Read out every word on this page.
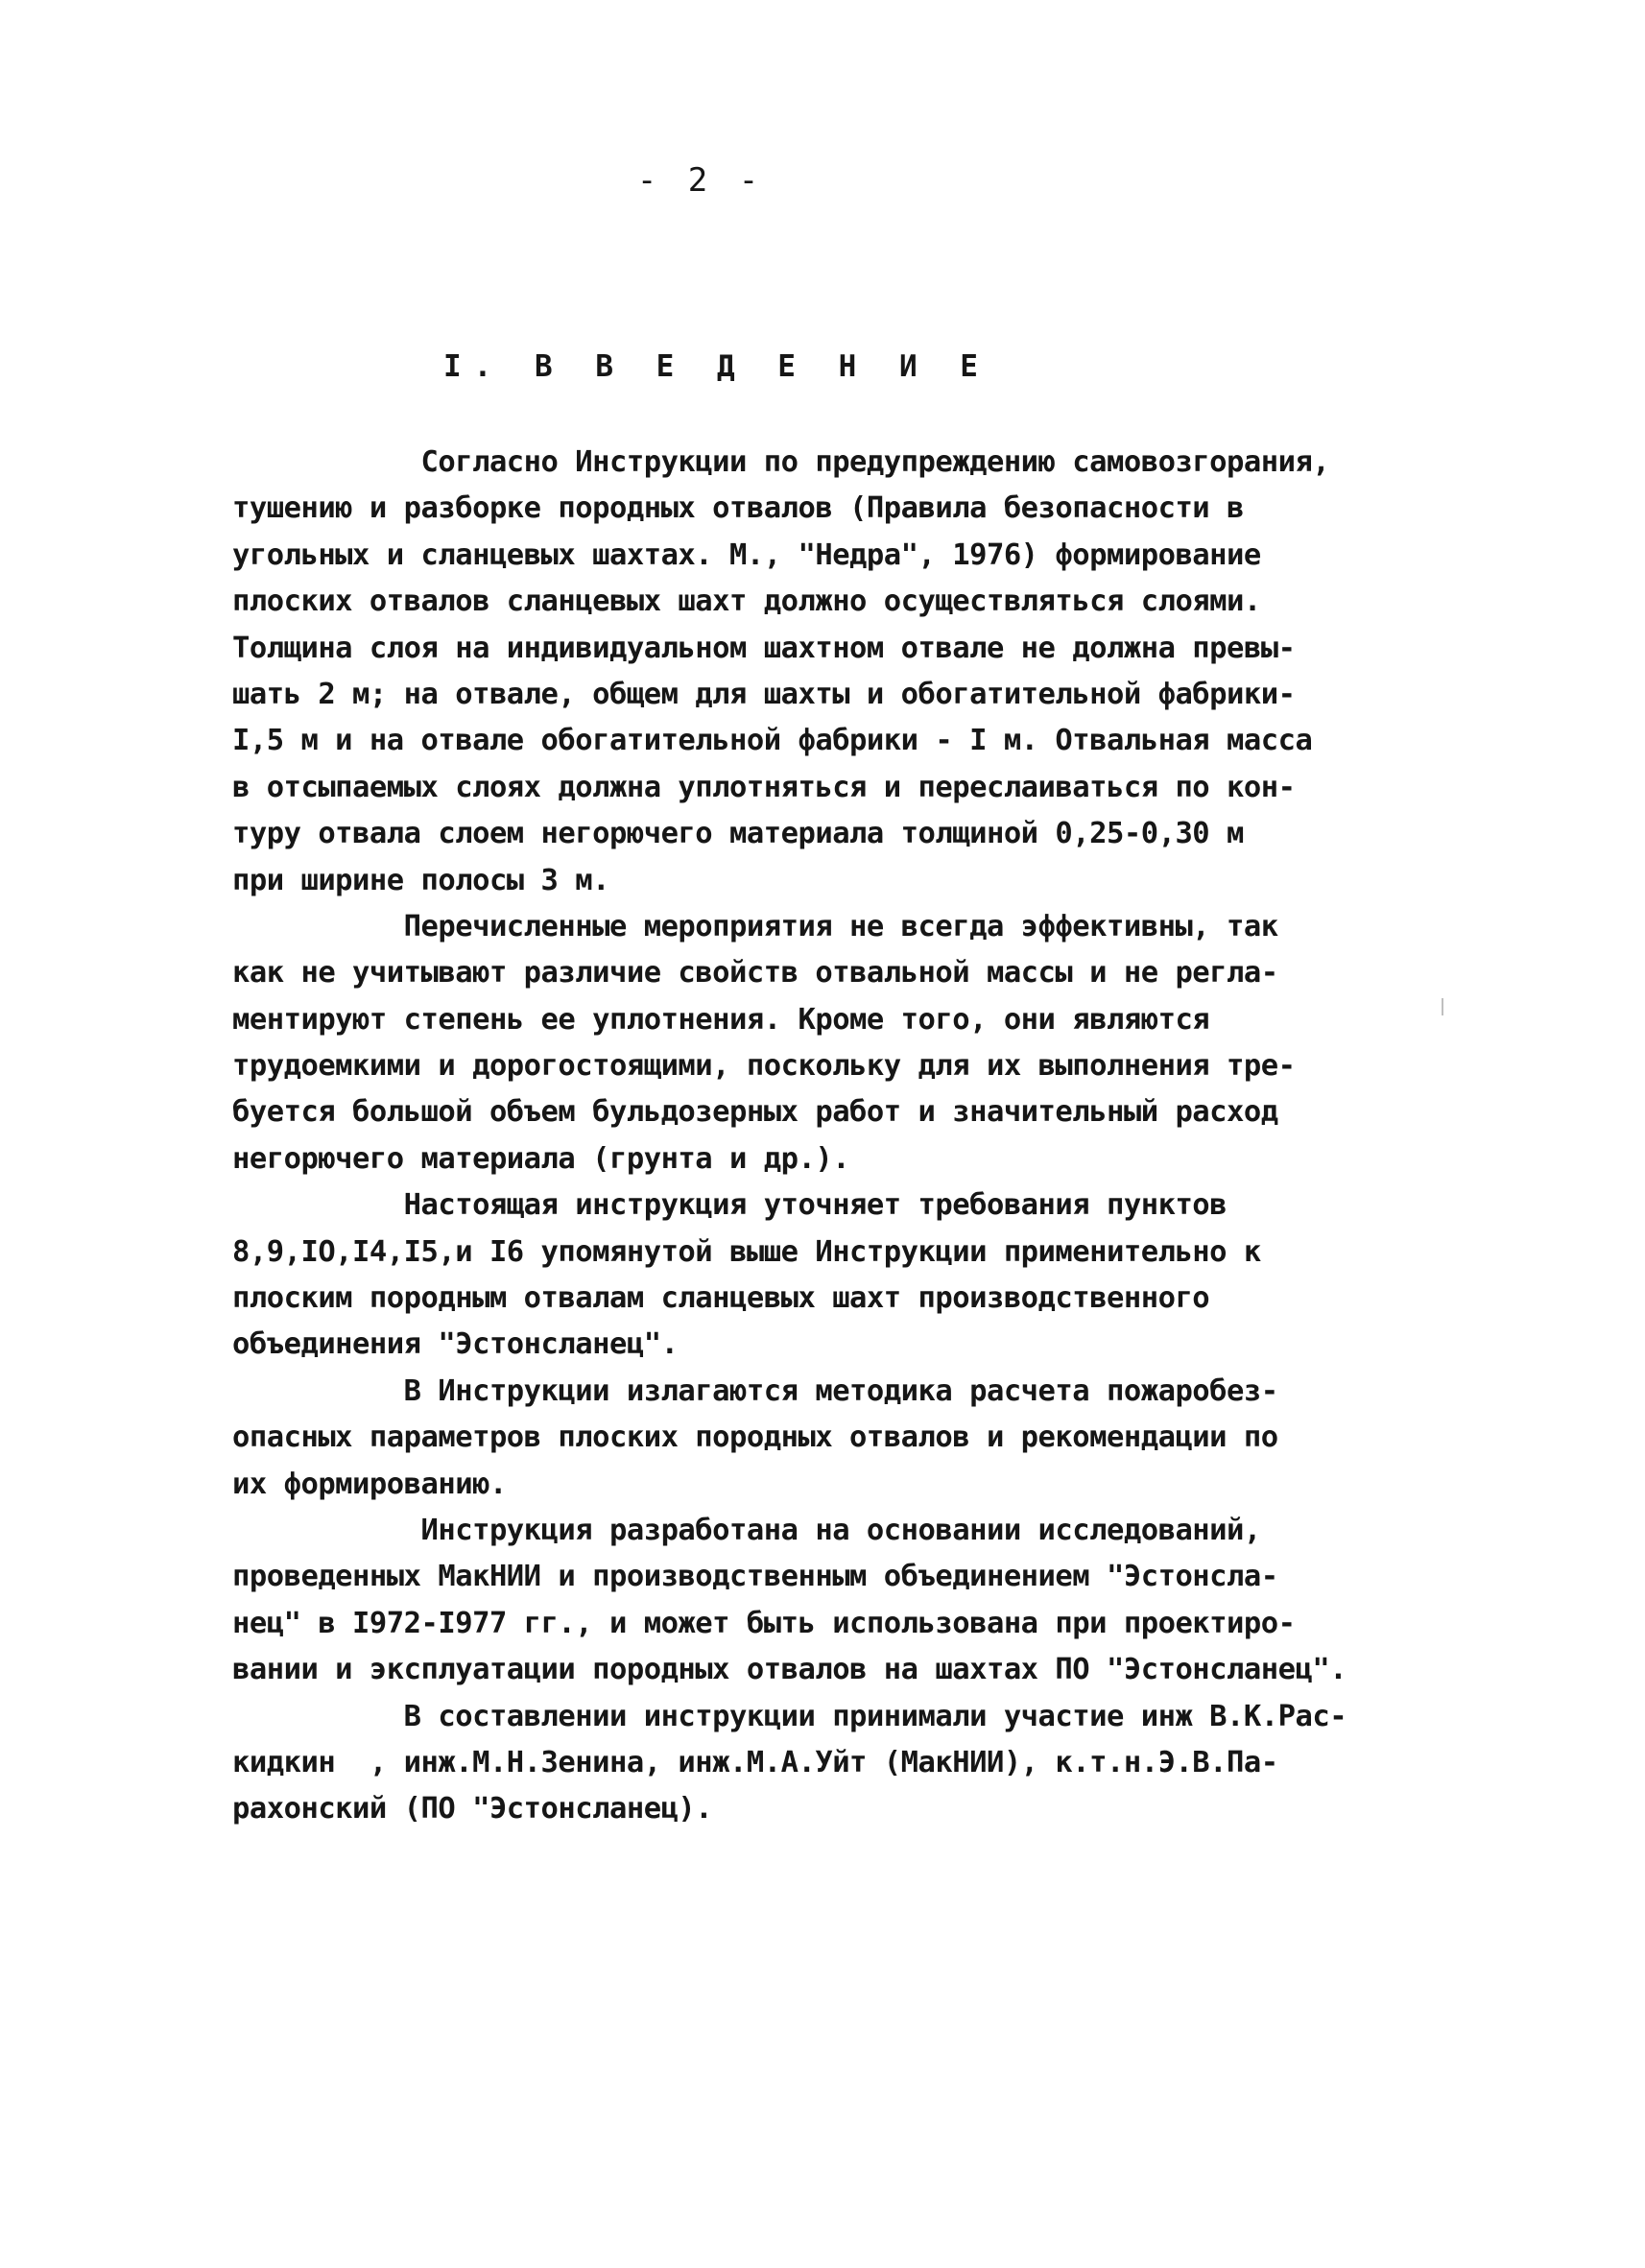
- 2 -
I. В В Е Д Е Н И Е
Согласно Инструкции по предупреждению самовозгорания,
тушению и разборке породных отвалов (Правила безопасности в
угольных и сланцевых шахтах. М., "Недра", 1976) формирование
плоских отвалов сланцевых шахт должно осуществляться слоями.
Толщина слоя на индивидуальном шахтном отвале не должна превы-
шать 2 м; на отвале, общем для шахты и обогатительной фабрики-
I,5 м и на отвале обогатительной фабрики - I м. Отвальная масса
в отсыпаемых слоях должна уплотняться и переслаиваться по кон-
туру отвала слоем негорючего материала толщиной 0,25-0,30 м
при ширине полосы 3 м.
Перечисленные мероприятия не всегда эффективны, так
как не учитывают различие свойств отвальной массы и не регла-
ментируют степень ее уплотнения. Кроме того, они являются
трудоемкими и дорогостоящими, поскольку для их выполнения тре-
буется большой объем бульдозерных работ и значительный расход
негорючего материала (грунта и др.).
Настоящая инструкция уточняет требования пунктов
8,9,IO,I4,I5,и I6 упомянутой выше Инструкции применительно к
плоским породным отвалам сланцевых шахт производственного
объединения "Эстонсланец".
В Инструкции излагаются методика расчета пожаробез-
опасных параметров плоских породных отвалов и рекомендации по
их формированию.
Инструкция разработана на основании исследований,
проведенных МакНИИ и производственным объединением "Эстонсла-
нец" в I972-I977 гг., и может быть использована при проектиро-
вании и эксплуатации породных отвалов на шахтах ПО "Эстонсланец".
В составлении инструкции принимали участие инж В.К.Рас-
кидкин  , инж.М.Н.Зенина, инж.М.А.Уйт (МакНИИ), к.т.н.Э.В.Па-
рахонский (ПО "Эстонсланец).
